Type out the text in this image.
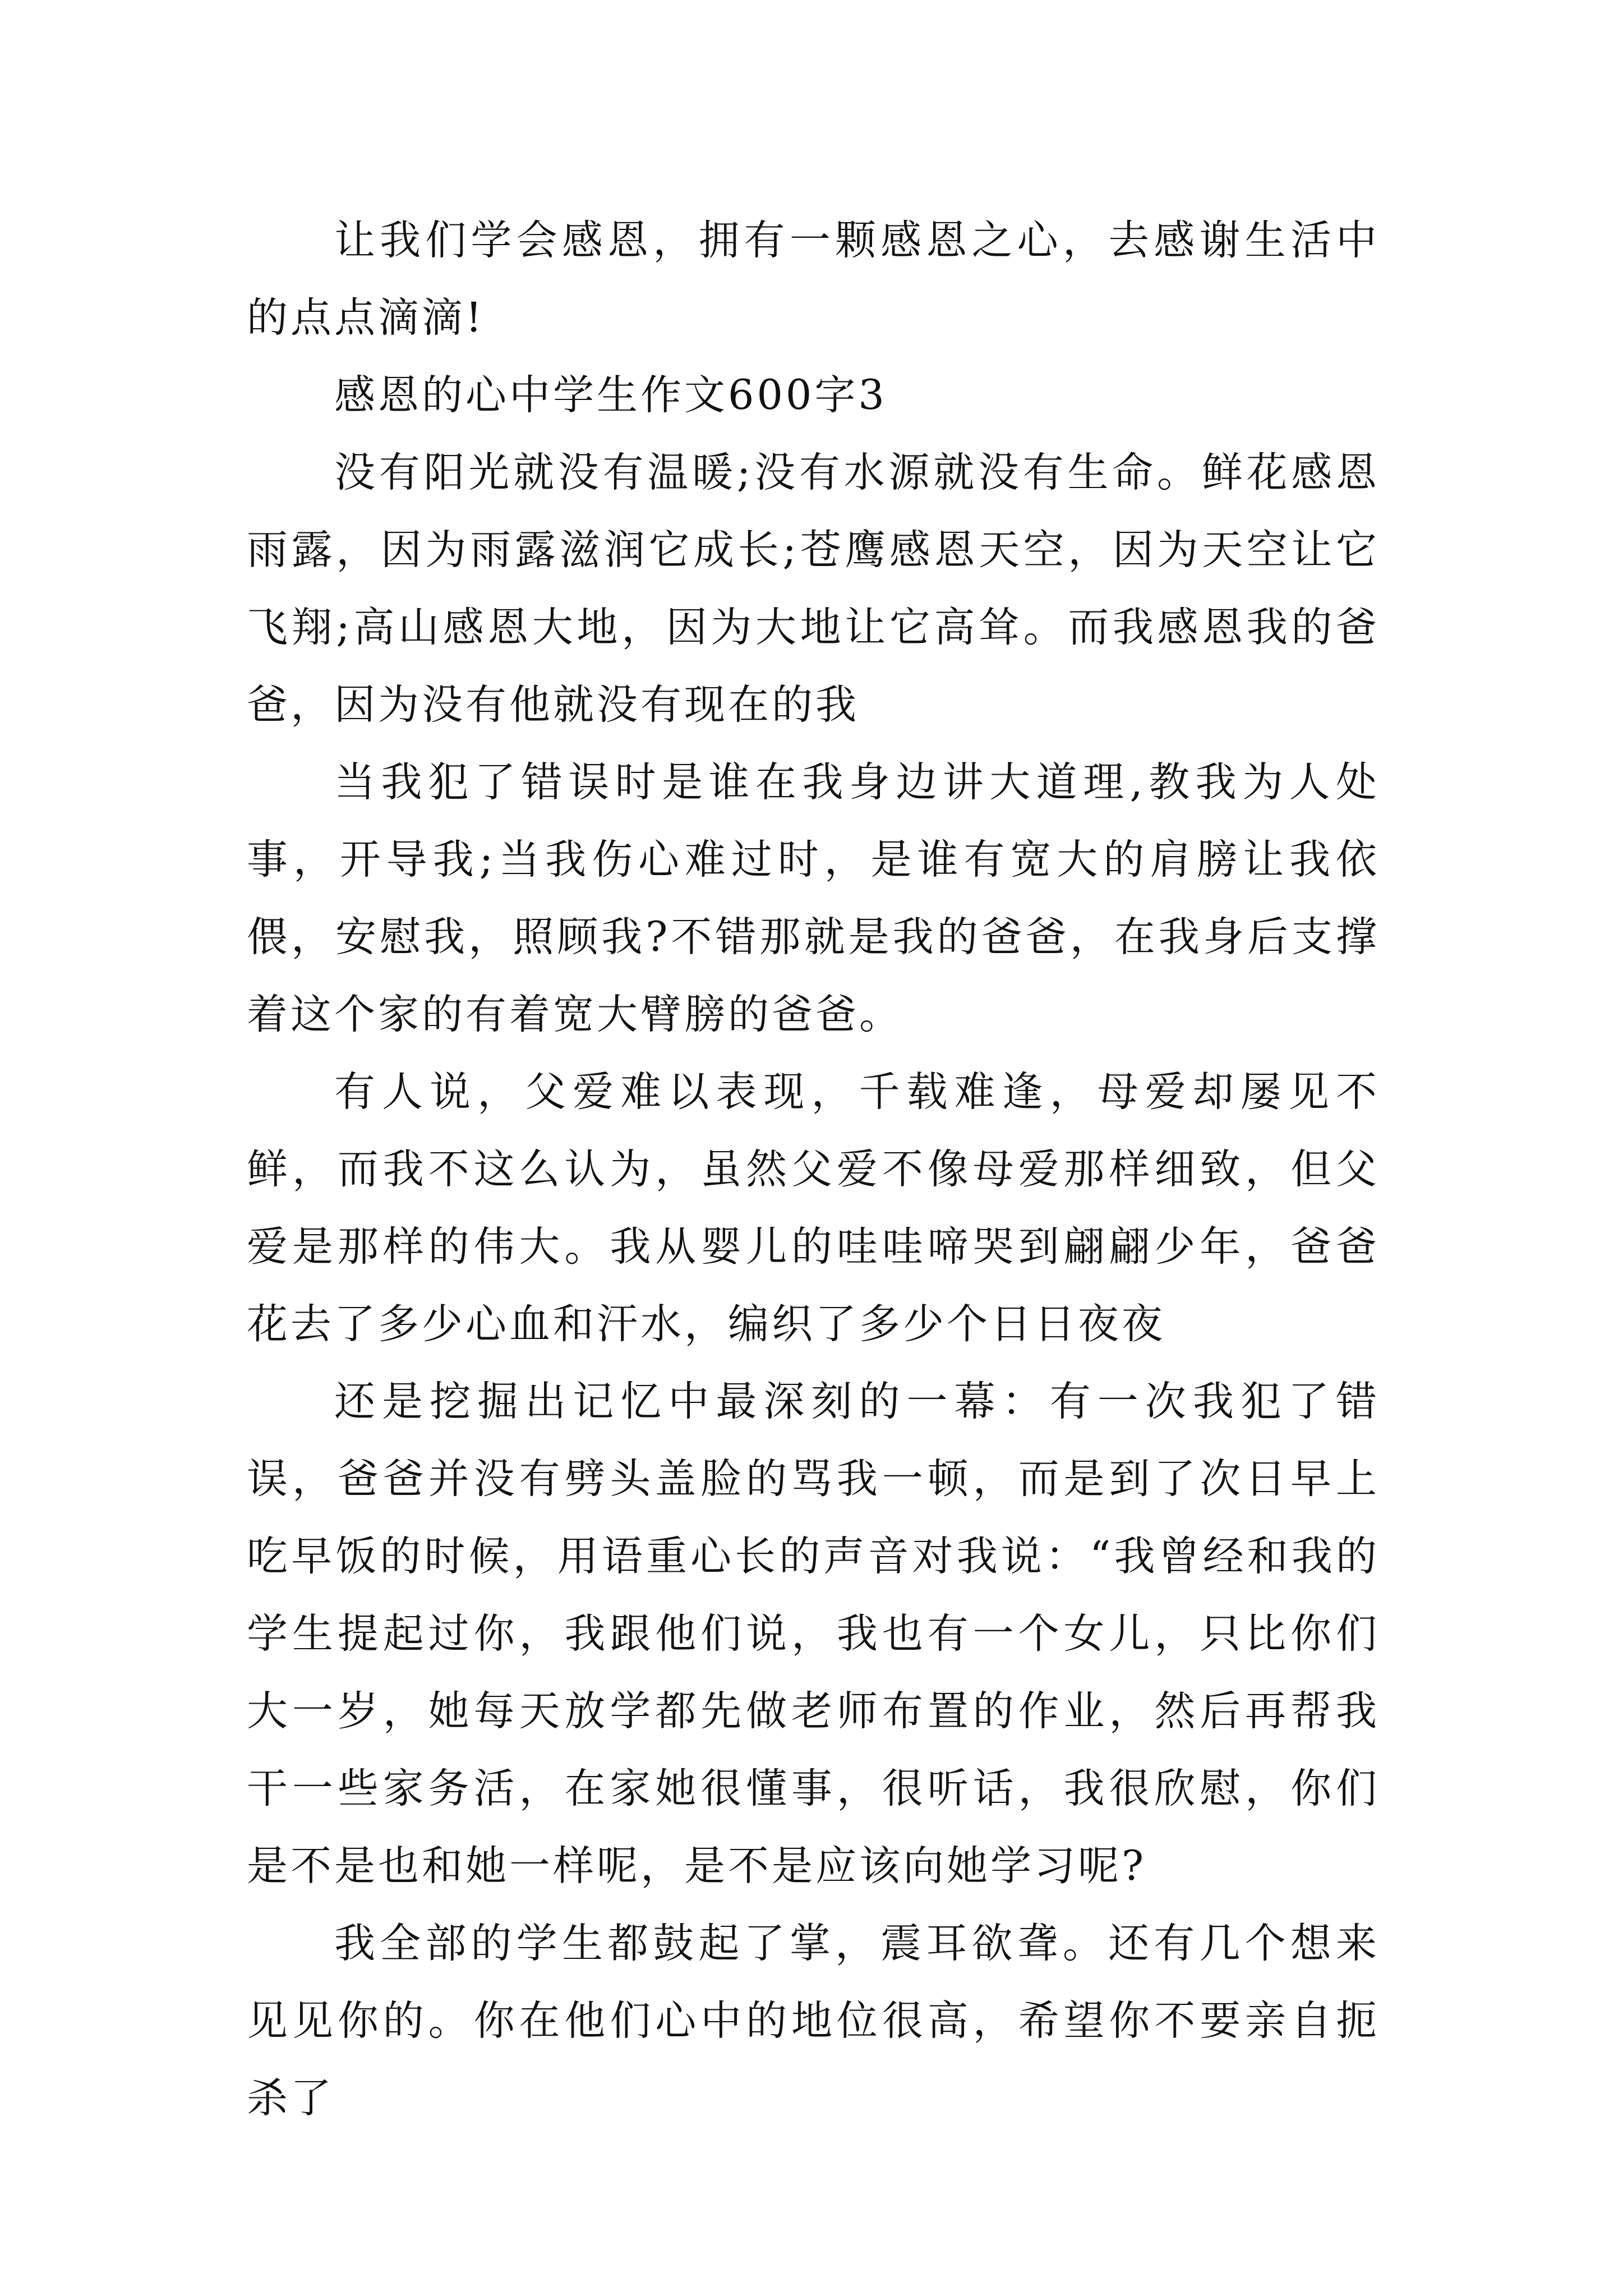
让我们学会感恩，拥有一颗感恩之心，去感谢生活中的点点滴滴!

感恩的心中学生作文600字3

没有阳光就没有温暖;没有水源就没有生命。鲜花感恩雨露，因为雨露滋润它成长;苍鹰感恩天空，因为天空让它飞翔;高山感恩大地，因为大地让它高耸。而我感恩我的爸爸，因为没有他就没有现在的我

当我犯了错误时是谁在我身边讲大道理,教我为人处事，开导我;当我伤心难过时，是谁有宽大的肩膀让我依偎，安慰我，照顾我?不错那就是我的爸爸，在我身后支撑着这个家的有着宽大臂膀的爸爸。

有人说，父爱难以表现，千载难逢，母爱却屡见不鲜，而我不这么认为，虽然父爱不像母爱那样细致，但父爱是那样的伟大。我从婴儿的哇哇啼哭到翩翩少年，爸爸花去了多少心血和汗水，编织了多少个日日夜夜

还是挖掘出记忆中最深刻的一幕：有一次我犯了错误，爸爸并没有劈头盖脸的骂我一顿，而是到了次日早上吃早饭的时候，用语重心长的声音对我说：“我曾经和我的学生提起过你，我跟他们说，我也有一个女儿，只比你们大一岁，她每天放学都先做老师布置的作业，然后再帮我干一些家务活，在家她很懂事，很听话，我很欣慰，你们是不是也和她一样呢，是不是应该向她学习呢?

我全部的学生都鼓起了掌，震耳欲聋。还有几个想来见见你的。你在他们心中的地位很高，希望你不要亲自扼杀了
